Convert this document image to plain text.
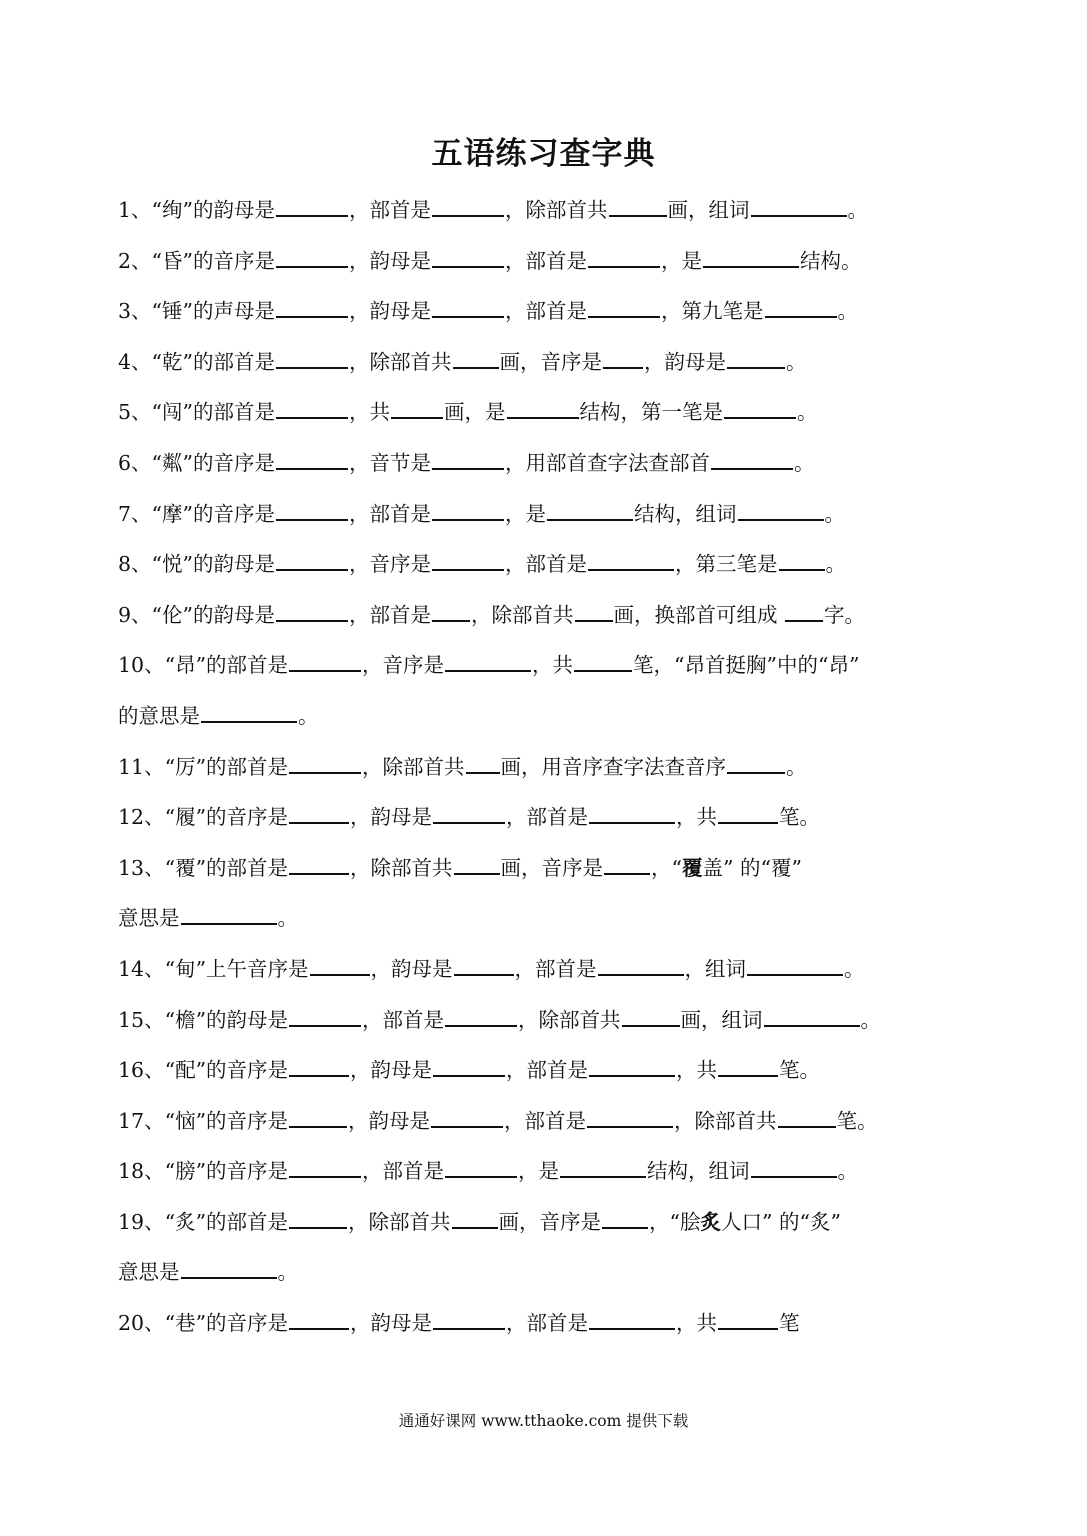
五语练习查字典
1、“绚”的韵母是	，部首是	，除部首共	画，组词	。
2、“昏”的音序是	，韵母是	，部首是	，是	结构。
3、“锤”的声母是	，韵母是	，部首是	，第九笔是	。
4、“乾”的部首是	，除部首共 画，音序是 ，韵母是	。
5、“闯”的部首是	，共	画，是	结构，第一笔是	。
6、“粼”的音序是	，音节是	，用部首查字法查部首	。
7、“摩”的音序是	，部首是	，是	结构，组词	。
8、“悦”的韵母是	，音序是	，部首是	，第三笔是 。
9、“伦”的韵母是	，部首是 ，除部首共 画，换部首可组成 字。
10、“昂”的部首是	，音序是	，共	笔，“昂首挺胸”中的“昂”
的意思是	。
11、“厉”的部首是	，除部首共 画，用音序查字法查音序	。
12、“履”的音序是	，韵母是	，部首是	，共	笔。
13、“覆”的部首是	，除部首共 画，音序是 ，“覆盖” 的“覆”
意思是	。
14、“甸”上午音序是	，韵母是	，部首是	，组词	。
15、“檐”的韵母是	，部首是	，除部首共	画，组词	。
16、“配”的音序是	，韵母是	，部首是	，共	笔。
17、“恼”的音序是	，韵母是	，部首是	，除部首共	笔。
18、“膀”的音序是	，部首是	，是	结构，组词	。
19、“炙”的部首是	，除部首共 画，音序是 ，“脍炙人口” 的“炙”
意思是	。
20、“巷”的音序是	，韵母是	，部首是	，共	笔
通通好课网 www.tthaoke.com 提供下载
